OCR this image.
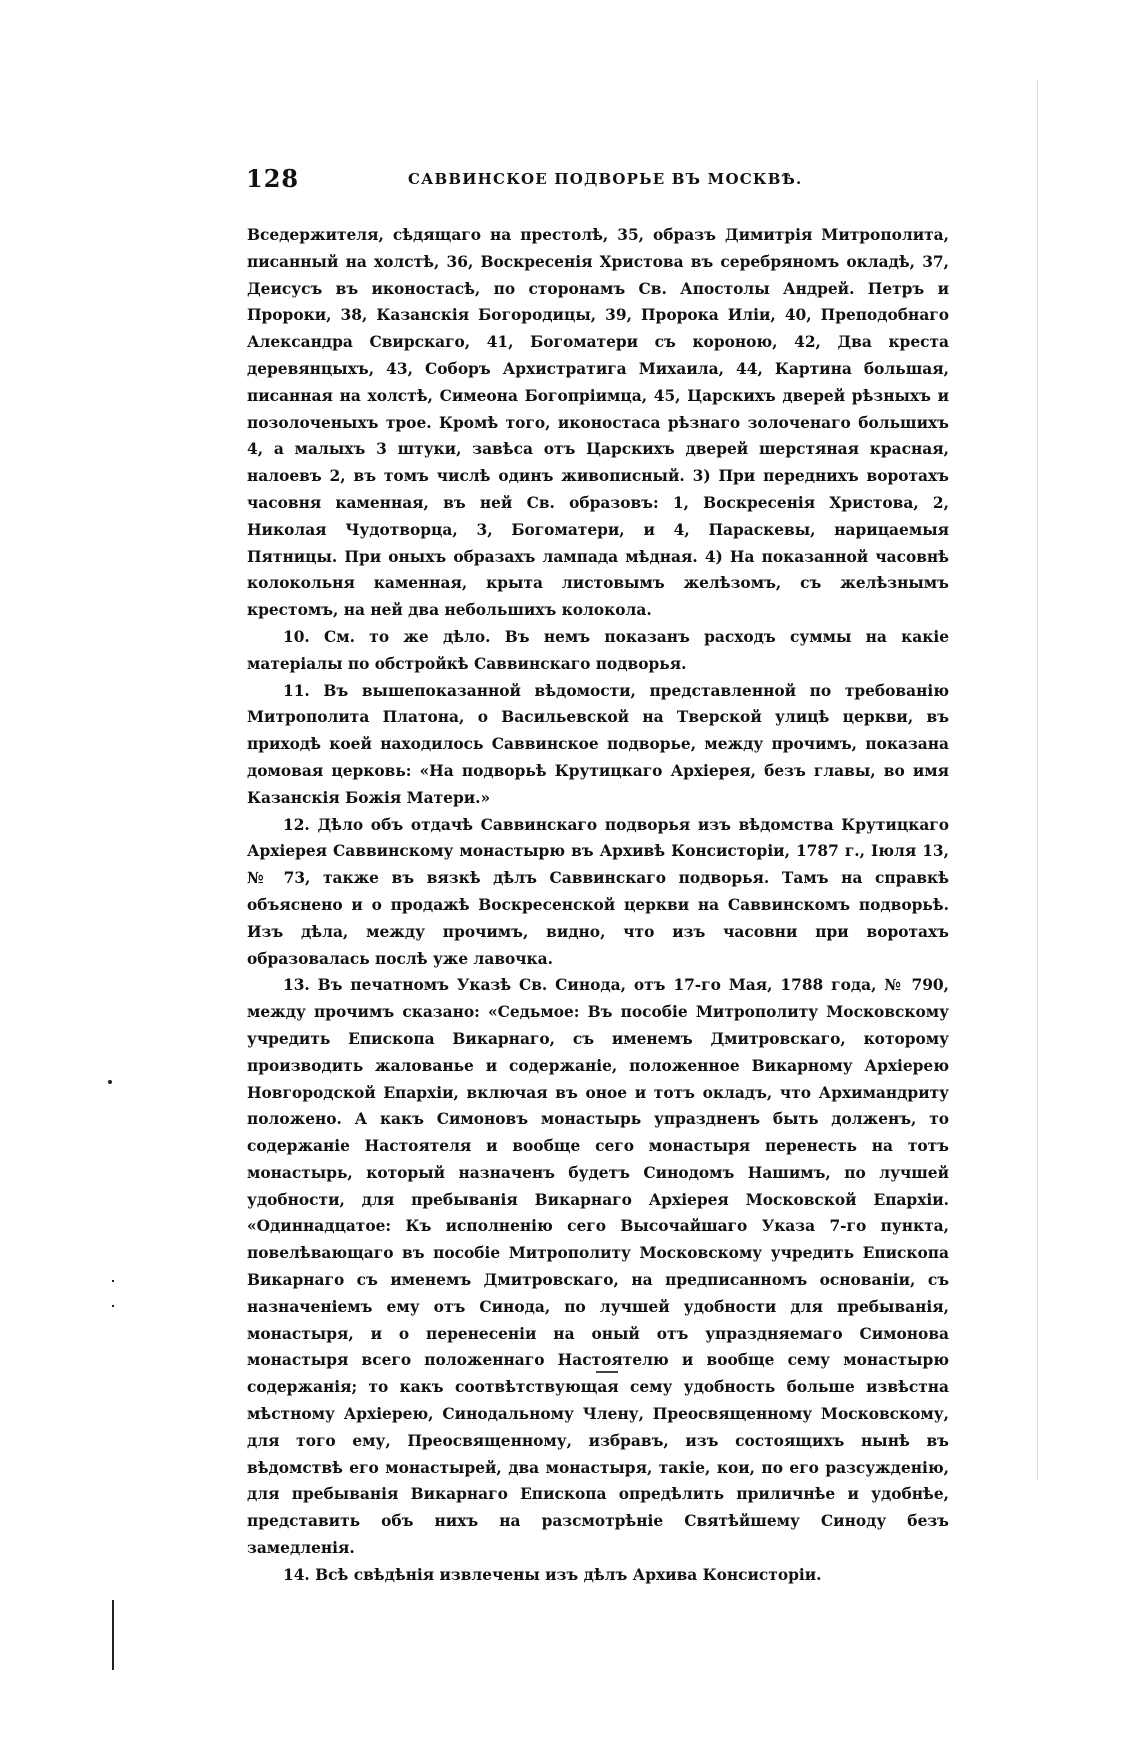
128	САВВИНСКОЕ ПОДВОРЬЕ ВЪ МОСКВѢ.

Вседержителя, сѣдящаго на престолѣ, 35, образъ Димитрія Митрополита, писанный на холстѣ, 36, Воскресенія Христова въ серебряномъ окладѣ, 37, Деисусъ въ иконостасѣ, по сторонамъ Св. Апостолы Андрей. Петръ и Пророки, 38, Казанскія Богородицы, 39, Пророка Иліи, 40, Преподобнаго Александра Свирскаго, 41, Богоматери съ короною, 42, Два креста деревянцыхъ, 43, Соборъ Архистратига Михаила, 44, Картина большая, писанная на холстѣ, Симеона Богопріимца, 45, Царскихъ дверей рѣзныхъ и позолоченыхъ трое. Кромѣ того, иконостаса рѣзнаго золоченаго большихъ 4, а малыхъ 3 штуки, завѣса отъ Царскихъ дверей шерстяная красная, налоевъ 2, въ томъ числѣ одинъ живописный. 3) При переднихъ воротахъ часовня каменная, въ ней Св. образовъ: 1, Воскресенія Христова, 2, Николая Чудотворца, 3, Богоматери, и 4, Параскевы, нарицаемыя Пятницы. При оныхъ образахъ лампада мѣдная. 4) На показанной часовнѣ колокольня каменная, крыта листовымъ желѣзомъ, съ желѣзнымъ крестомъ, на ней два небольшихъ колокола.

10. См. то же дѣло. Въ немъ показанъ расходъ суммы на какіе матеріалы по обстройкѣ Саввинскаго подворья.

11. Въ вышепоказанной вѣдомости, представленной по требованію Митрополита Платона, о Васильевской на Тверской улицѣ церкви, въ приходѣ коей находилось Саввинское подворье, между прочимъ, показана домовая церковь: «На подворьѣ Крутицкаго Архіерея, безъ главы, во имя Казанскія Божія Матери.»

12. Дѣло объ отдачѣ Саввинскаго подворья изъ вѣдомства Крутицкаго Архіерея Саввинскому монастырю въ Архивѣ Консисторіи, 1787 г., Іюля 13, № 73, также въ вязкѣ дѣлъ Саввинскаго подворья. Тамъ на справкѣ объяснено и о продажѣ Воскресенской церкви на Саввинскомъ подворьѣ. Изъ дѣла, между прочимъ, видно, что изъ часовни при воротахъ образовалась послѣ уже лавочка.

13. Въ печатномъ Указѣ Св. Синода, отъ 17-го Мая, 1788 года, № 790, между прочимъ сказано: «Седьмое: Въ пособіе Митрополиту Московскому учредить Епископа Викарнаго, съ именемъ Дмитровскаго, которому производить жалованье и содержаніе, положенное Викарному Архіерею Новгородской Епархіи, включая въ оное и тотъ окладъ, что Архимандриту положено. А какъ Симоновъ монастырь упраздненъ быть долженъ, то содержаніе Настоятеля и вообще сего монастыря перенесть на тотъ монастырь, который назначенъ будетъ Синодомъ Нашимъ, по лучшей удобности, для пребыванія Викарнаго Архіерея Московской Епархіи. «Одиннадцатое: Къ исполненію сего Высочайшаго Указа 7-го пункта, повелѣвающаго въ пособіе Митрополиту Московскому учредить Епископа Викарнаго съ именемъ Дмитровскаго, на предписанномъ основаніи, съ назначеніемъ ему отъ Синода, по лучшей удобности для пребыванія, монастыря, и о перенесеніи на оный отъ упраздняемаго Симонова монастыря всего положеннаго Настоятелю и вообще сему монастырю содержанія; то какъ соотвѣтствующая сему удобность больше извѣстна мѣстному Архіерею, Синодальному Члену, Преосвященному Московскому, для того ему, Преосвященному, избравъ, изъ состоящихъ нынѣ въ вѣдомствѣ его монастырей, два монастыря, такіе, кои, по его разсужденію, для пребыванія Викарнаго Епископа опредѣлить приличнѣе и удобнѣе, представить объ нихъ на разсмотрѣніе Святѣйшему Синоду безъ замедленія.

14. Всѣ свѣдѣнія извлечены изъ дѣлъ Архива Консисторіи.
